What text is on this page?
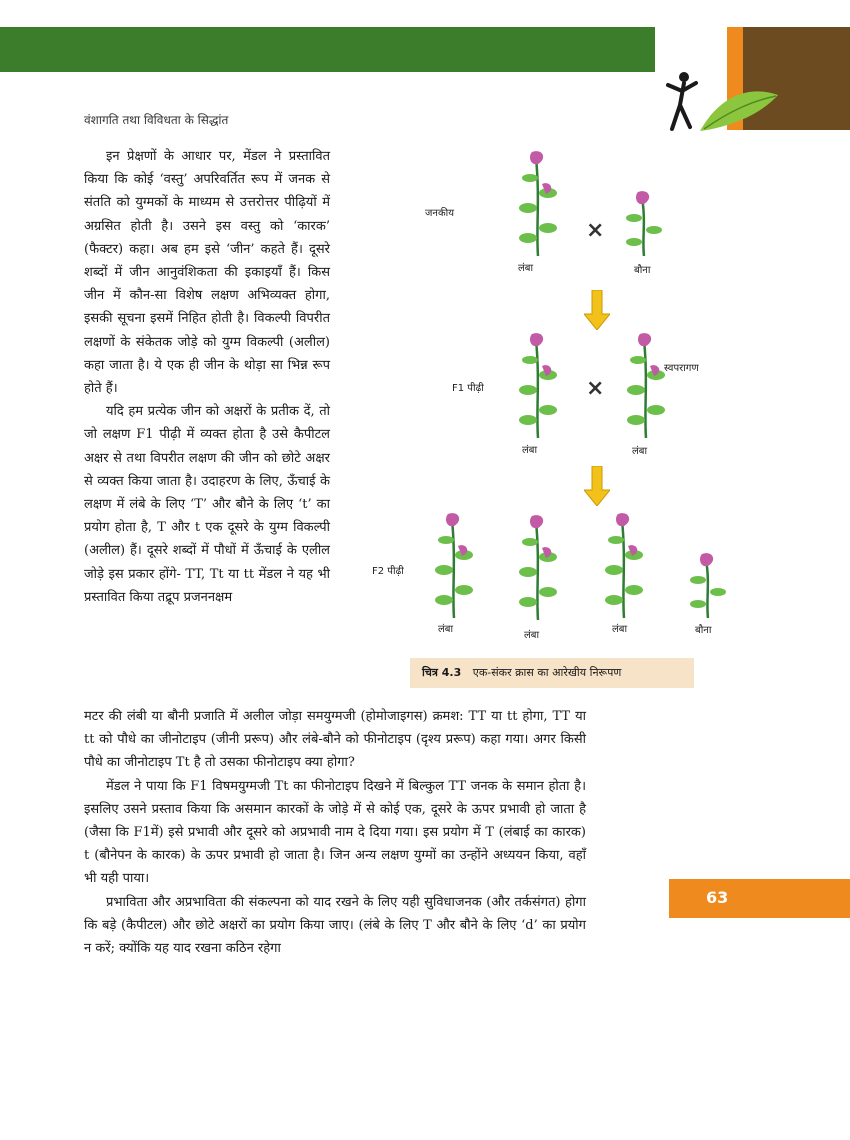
वंशागति तथा विविधता के सिद्धांत

इन प्रेक्षणों के आधार पर, मेंडल ने प्रस्तावित किया कि कोई ‘वस्तु’ अपरिवर्तित रूप में जनक से संतति को युग्मकों के माध्यम से उत्तरोत्तर पीढ़ियों में अग्रसित होती है। उसने इस वस्तु को ‘कारक’ (फैक्टर) कहा। अब हम इसे ‘जीन’ कहते हैं। दूसरे शब्दों में जीन आनुवंशिकता की इकाइयाँ हैं। किस जीन में कौन-सा विशेष लक्षण अभिव्यक्त होगा, इसकी सूचना इसमें निहित होती है। विकल्पी विपरीत लक्षणों के संकेतक जोड़े को युग्म विकल्पी (अलील) कहा जाता है। ये एक ही जीन के थोड़ा सा भिन्न रूप होते हैं।

यदि हम प्रत्येक जीन को अक्षरों के प्रतीक दें, तो जो लक्षण F1 पीढ़ी में व्यक्त होता है उसे कैपीटल अक्षर से तथा विपरीत लक्षण की जीन को छोटे अक्षर से व्यक्त किया जाता है। उदाहरण के लिए, ऊँचाई के लक्षण में लंबे के लिए ‘T’ और बौने के लिए ‘t’ का प्रयोग होता है, T और t एक दूसरे के युग्म विकल्पी (अलील) हैं। दूसरे शब्दों में पौधों में ऊँचाई के एलील जोड़े इस प्रकार होंगे- TT, Tt या tt मेंडल ने यह भी प्रस्तावित किया तद्रूप प्रजननक्षम

मटर की लंबी या बौनी प्रजाति में अलील जोड़ा समयुग्मजी (होमोजाइगस) क्रमश: TT या tt होगा, TT या tt को पौधे का जीनोटाइप (जीनी प्ररूप) और लंबे-बौने को फीनोटाइप (दृश्य प्ररूप) कहा गया। अगर किसी पौधे का जीनोटाइप Tt है तो उसका फीनोटाइप क्या होगा?

मेंडल ने पाया कि F1 विषमयुग्मजी Tt का फीनोटाइप दिखने में बिल्कुल TT जनक के समान होता है। इसलिए उसने प्रस्ताव किया कि असमान कारकों के जोड़े में से कोई एक, दूसरे के ऊपर प्रभावी हो जाता है (जैसा कि F1में) इसे प्रभावी और दूसरे को अप्रभावी नाम दे दिया गया। इस प्रयोग में T (लंबाई का कारक) t (बौनेपन के कारक) के ऊपर प्रभावी हो जाता है। जिन अन्य लक्षण युग्मों का उन्होंने अध्ययन किया, वहाँ भी यही पाया।

प्रभाविता और अप्रभाविता की संकल्पना को याद रखने के लिए यही सुविधाजनक (और तर्कसंगत) होगा कि बड़े (कैपीटल) और छोटे अक्षरों का प्रयोग किया जाए। (लंबे के लिए T और बौने के लिए ‘d’ का प्रयोग न करें; क्योंकि यह याद रखना कठिन रहेगा

जनकीय
×
लंबा	बौना
F1 पीढ़ी	×
स्वपरागण
लंबा	लंबा
F2 पीढ़ी
लंबा
लंबा
लंबा	बौना
चित्र 4.3 एक-संकर क्रास का आरेखीय निरूपण
63
